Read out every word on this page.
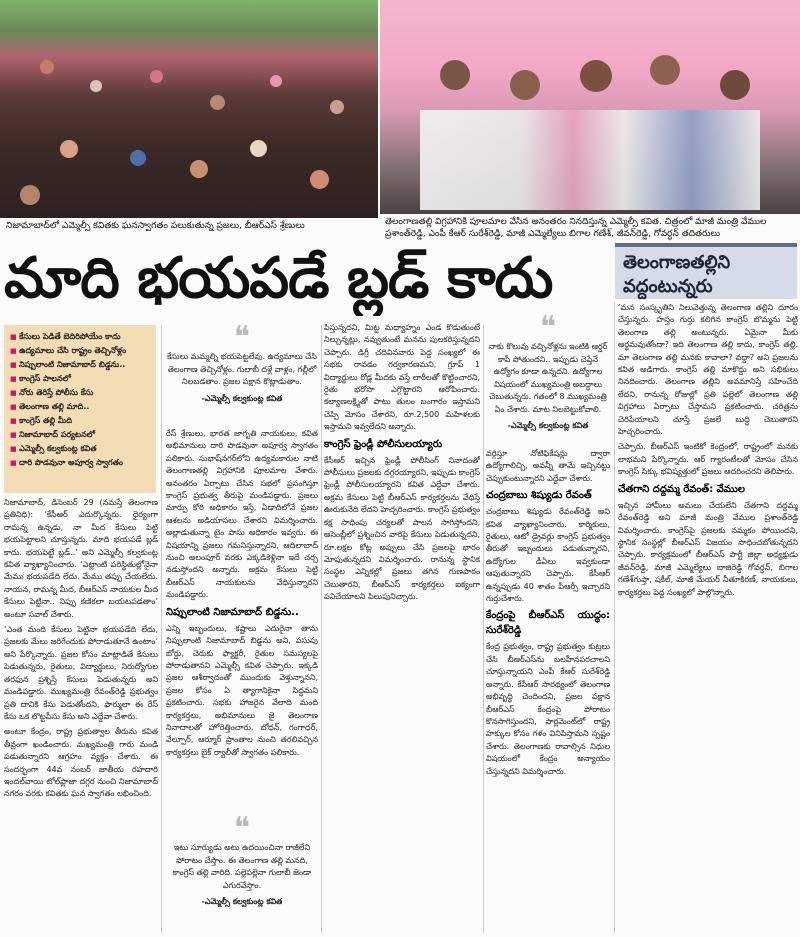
నిజామాబాద్‌లో ఎమ్మెల్సీ కవితకు ఘనస్వాగతం పలుకుతున్న ప్రజలు, బీఆర్‌ఎస్ శ్రేణులు	తెలంగాణతల్లి విగ్రహానికి పూలమాల వేసిన అనంతరం నినదిస్తున్న ఎమ్మెల్సీ కవిత. చిత్రంలో మాజీ మంత్రి వేముల ప్రశాంత్‌రెడ్డి, ఎంపీ కేఆర్ సురేశ్‌రెడ్డి, మాజీ ఎమ్మెల్యేలు బిగాల గణేశ్, జీవన్‌రెడ్డి, గోవర్ధన్ తదితరులు
మాది భయపడే బ్లడ్ కాదు	తెలంగాణతల్లిని వద్దంటున్నరు
■ కేసులు పెడితే బెదిరిపోయేం కాదు
■ ఉద్యమాలు చేసి రాష్ట్రం తెచ్చినోళ్లం
■ నిప్పులాంటి నిజామాబాద్ బిడ్డను..
■ కాంగ్రెస్ పాలనలో
■ నోరు తెరిస్తే పోలీసు కేసు
■ తెలంగాణ తల్లి మాది..
■ కాంగ్రెస్ తల్లి మీది
■ నిజామాబాద్ పర్యటనలో
■ ఎమ్మెల్సీ కల్వకుంట్ల కవిత
■ దారి పొడవునా అపూర్వ స్వాగతం

నిజామాబాద్, డిసెంబర్ 29 (నమస్తే తెలంగాణ ప్రతినిధి): ‘కేసీఆర్ ఎదుర్కొన్నరు. ధైర్యంగా రామన్న ఉన్నడు, నా మీద కేసులు పెట్టి భయపెట్టాలని చూస్తున్నరు. మాది భయపడే బ్లడ్ కాదు. భయపెట్టే బ్లడ్..’ అని ఎమ్మెల్సీ కల్వకుంట్ల కవిత వ్యాఖ్యానించారు. ‘ఎట్లాంటి పరిస్థితుల్లోనైనా మేము భయపడేది లేదు. మేము తప్పు చేయలేదు. నాయన, రామన్న మీద, బీఆర్‌ఎస్ నాయకుల మీద కేసులు పెట్టినా.. నిప్పు కణికలా బయటపడతాం’ అంటూ సవాల్ చేశారు.

‘ఎంత మంది కేసులు పెట్టినా భయపడేది లేదు, ప్రజలకు మేలు జరిగేందుకు పోరాడుతూనే ఉంటాం’ అని పేర్కొన్నారు. ప్రజల కోసం మాట్లాడితే కేసులు పెడుతున్నరు, రైతులు, విద్యార్థులు, నిరుద్యోగుల తరఫున ప్రశ్నిస్తే కేసులు పెడుతున్నరు అని మండిపడ్డారు. ముఖ్యమంత్రి రేవంత్‌రెడ్డి ప్రభుత్వం ప్రతి దానికి కేసు పెడుతోందని, ఫార్ములా ఈ రేస్ కేసు ఒక లొట్టపీసు కేసు అని ఎద్దేవా చేశారు.

అంటూ కేంద్రం, రాష్ట్ర ప్రభుత్వాల తీరును కవిత తీవ్రంగా ఖండించారు. మఖ్యమంత్రి గారు మండి పడుతున్నారని ఆగ్రహం వ్యక్తం చేశారు. ఈ సందర్భంగా 44వ నంబర్ జాతీయ రహదారి ఇందల్‌వాయి టోల్‌ప్లాజా దగ్గర నుంచి నిజామాబాద్ నగరం వరకు కవితకు ఘన స్వాగతం లభించింది.

❝
కేసులు మమ్మల్ని భయపెట్టలేవు. ఉద్యమాలు చేసి తెలంగాణ తెచ్చినోళ్లం. గులాబీ దళ్లే వాళ్లం, గల్లీలో నిలబడతాం. ప్రజల పక్షాన కొట్లాడుతాం.
-ఎమ్మెల్సీ కల్వకుంట్ల కవిత

రేస్ శ్రేణులు, భారత జాగృతి నాయకులు, కవిత అభిమానులు దారి పొడవునా అపూర్వ స్వాగతం పలికారు. సుభాష్‌నగర్‌లోని ఉద్యమకారుల నాటి తెలంగాణతల్లి విగ్రహానికి పూలమాల వేశారు. అనంతరం ఏర్పాటు చేసిన సభలో ప్రసంగిస్తూ కాంగ్రెస్ ప్రభుత్వ తీరుపై మండిపడ్డారు. ప్రజలు మార్పు కోరి అధికారం ఇస్తే, ఏడాదిలోనే ప్రజల ఆశలను అడియాసలు చేశారని విమర్శించారు. అల్లాడుతున్నా టైం పాసు అధికారం ఇవ్వరు. ఈ విషయాన్ని ప్రజలు గమనిస్తున్నారని, ఆదిలాబాద్ నుంచి అలంపూర్ వరకు ఎక్కడికెళ్లినా ఇదే చర్చ నడుస్తోందని అన్నారు. అక్రమ కేసులు పెట్టి బీఆర్‌ఎస్ నాయకులను వేధిస్తున్నారని మండిపడ్డారు.

నిప్పులాంటి నిజామాబాద్ బిడ్డను..

ఎన్ని ఇబ్బందులు, కష్టాలు ఎదురైనా తాను నిప్పులాంటి నిజామాబాద్ బిడ్డను అని, పసుపు బోర్డు, చెరుకు ఫ్యాక్టరీ, రైతుల సమస్యలపై పోరాడుతానని ఎమ్మెల్సీ కవిత చెప్పారు. ఇక్కడి ప్రజల ఆశీర్వాదంతో ముందుకు వెళ్తున్నానని, ప్రజల కోసం ఏ త్యాగానికైనా సిద్ధమని ప్రకటించారు. సభకు హాజరైన వేలాది మంది కార్యకర్తలు, అభిమానులు జై తెలంగాణ నినాదాలతో హోరెత్తించారు. బోధన్, గంగాధర్, వేల్పూర్, ఆర్మూర్ ప్రాంతాల నుంచి తరలివచ్చిన కార్యకర్తలు బైక్ ర్యాలీతో స్వాగతం పలికారు.

❝
ఇటు సూర్యుడు అటు ఉదయించినా రాజీలేని పోరాటం చేస్తాం. ఈ తెలంగాణ తల్లి మనది, కాంగ్రెస్ తల్లి వారిది. పల్లెపల్లెనా గులాబీ జెండా ఎగురవేస్తాం.
-ఎమ్మెల్సీ కల్వకుంట్ల కవిత

పిస్తున్నదని, మిట్ట మధ్యాహ్నం ఎండ కొడుతుంటే నిల్చున్నట్లు, నవ్వుతుంటే మనను పులకరిస్తున్నదని చెప్పారు. డిగ్రీ చదివినవారు పెద్ద సంఖ్యలో ఈ సభకు రావడం గర్వకారణమని, గ్రూప్ 1 విద్యార్థులు రోడ్ల మీదకు వస్తే లాఠీలతో కొట్టించారని, రైతు భరోసా ఎగ్గొట్టారని ఆరోపించారు. కల్యాణలక్ష్మితో పాటు తులం బంగారం ఇస్తామని చెప్పి మోసం చేశారని, రూ.2,500 మహిళలకు ఇస్తామని ఇవ్వలేదని అన్నారు.

కాంగ్రెస్ ఫ్రెండ్లీ పోలీసులయ్యారు

కేసీఆర్ ఇచ్చిన ఫ్రెండ్లీ పోలీసింగ్ నినాదంతో పోలీసులు ప్రజలకు దగ్గరయ్యారని, ఇప్పుడు కాంగ్రెస్ ఫ్రెండ్లీ పోలీసులయ్యారని కవిత ఎద్దేవా చేశారు. అక్రమ కేసులు పెట్టి బీఆర్‌ఎస్ కార్యకర్తలను వేధిస్తే ఊరుకునేది లేదని హెచ్చరించారు. కాంగ్రెస్ ప్రభుత్వం కక్ష సాధింపు చర్యలతో పాలన సాగిస్తోందని, అసెంబ్లీలో ప్రశ్నించిన వారిపై కేసులు పెడుతున్నదని, రూ.లక్షల కోట్ల అప్పులు చేసి ప్రజలపై భారం మోపుతున్నదని విమర్శించారు. రానున్న స్థానిక సంస్థల ఎన్నికల్లో ప్రజలు తగిన గుణపాఠం చెబుతారని, బీఆర్‌ఎస్ కార్యకర్తలు ఐక్యంగా పనిచేయాలని పిలుపునిచ్చారు.

❝
నాకు కొలువు వచ్చినోళ్లను ఇంటికి ఆర్డర్ కాపీ పోతుందని.. ఇప్పుడు చెప్తేనే ఉద్యోగం కూడా ఉన్నదని. ఉద్యోగాల విషయంలో ముఖ్యమంత్రి అబద్ధాలు చెబుతున్నరు. గతంలో 8 ముఖ్యమంత్రి ఏం చేశారు. మాట నిలబెట్టుకోవాలి.
-ఎమ్మెల్సీ కల్వకుంట్ల కవిత

వర్గిస్తూ నోటిఫికేషన్లు ద్వారా ఉద్యోగాలిచ్చి, అవన్నీ తామే ఇచ్చినట్టు చెప్పుకుంటున్నారని ఎద్దేవా చేశారు.

చంద్రబాబు శిష్యుడు రేవంత్

చంద్రబాబు శిష్యుడు రేవంత్‌రెడ్డి అని కవిత వ్యాఖ్యానించారు. కార్మికులు, రైతులు, ఆటో డ్రైవర్లు కాంగ్రెస్ ప్రభుత్వం తీరుతో ఇబ్బందులు పడుతున్నారని, ఉద్యోగుల డీఏలు ఇవ్వకుండా ఆపుతున్నారని చెప్పారు. కేసీఆర్ ఉన్నప్పుడు 40 శాతం పీఆర్సీ ఇచ్చారని గుర్తుచేశారు.

కేంద్రంపై బీఆర్‌ఎస్ యుద్ధం: సురేశ్‌రెడ్డి

కేంద్ర ప్రభుత్వం, రాష్ట్ర ప్రభుత్వం కుట్రలు చేసి బీఆర్‌ఎస్‌ను బలహీనపరచాలని చూస్తున్నాయని ఎంపీ కేఆర్ సురేశ్‌రెడ్డి అన్నారు. కేసీఆర్ సారథ్యంలో తెలంగాణ అభివృద్ధి చెందిందని, ప్రజల పక్షాన బీఆర్‌ఎస్ కేంద్రంపై పోరాటం కొనసాగిస్తుందని, పార్లమెంట్‌లో రాష్ట్ర హక్కుల కోసం గళం వినిపిస్తామని స్పష్టం చేశారు. తెలంగాణకు రావాల్సిన నిధుల విషయంలో కేంద్రం అన్యాయం చేస్తున్నదని విమర్శించారు.

‘మన సంస్కృతిని నిలువెత్తున్న తెలంగాణ తల్లిని దూరం చేస్తున్నరు. హస్తం గుర్తు కలిగిన కాంగ్రెస్ బొమ్మను పెట్టి తెలంగాణ తల్లి అంటున్నరు. ఏమైనా మీకు అర్థమవుతోందా? ఇది తెలంగాణ తల్లి కాదు, కాంగ్రెస్ తల్లి. మా తెలంగాణ తల్లి మనకు కావాలా? వద్దా? అని ప్రజలను కవిత అడిగారు. కాంగ్రెస్ తల్లి మాకొద్దు అని సభికులు నినదించారు. తెలంగాణ తల్లిని అవమానిస్తే సహించేది లేదని, రానున్న రోజుల్లో ప్రతి పల్లెలో తెలంగాణ తల్లి విగ్రహాలు ఏర్పాటు చేస్తామని ప్రకటించారు. చరిత్రను చెరిపేయాలని చూస్తే ప్రజలే బుద్ధి చెబుతారని హెచ్చరించారు.

చెప్పారు. బీఆర్‌ఎస్ ఇంటికో కెంద్రంలో, రాష్ట్రంలో మనకు లాభమని పేర్కొన్నారు. ఆర్ గ్యారంటీలతో మోసం చేసిన కాంగ్రెస్ సిక్కు భవిష్యత్తులో ప్రజలు ఆదరించరని తెలిపారు.

చేతగాని దద్దమ్మ రేవంత్: వేముల

ఇచ్చిన హామీలు అమలు చేయలేని చేతగాని దద్దమ్మ రేవంత్‌రెడ్డి అని మాజీ మంత్రి వేముల ప్రశాంత్‌రెడ్డి విమర్శించారు. కాంగ్రెస్‌పై ప్రజలకు నమ్మకం పోయిందని, స్థానిక సంస్థల్లో బీఆర్‌ఎస్ విజయం సాధించబోతున్నదని చెప్పారు. కార్యక్రమంలో బీఆర్‌ఎస్ పార్టీ జిల్లా అధ్యక్షుడు జీవన్‌రెడ్డి, మాజీ ఎమ్మెల్యేలు బాజిరెడ్డి గోవర్ధన్, బిగాల గణేశ్‌గుప్తా, షకీల్, మాజీ మేయర్ నీతూకిరణ్, నాయకులు, కార్యకర్తలు పెద్ద సంఖ్యలో పాల్గొన్నారు.
